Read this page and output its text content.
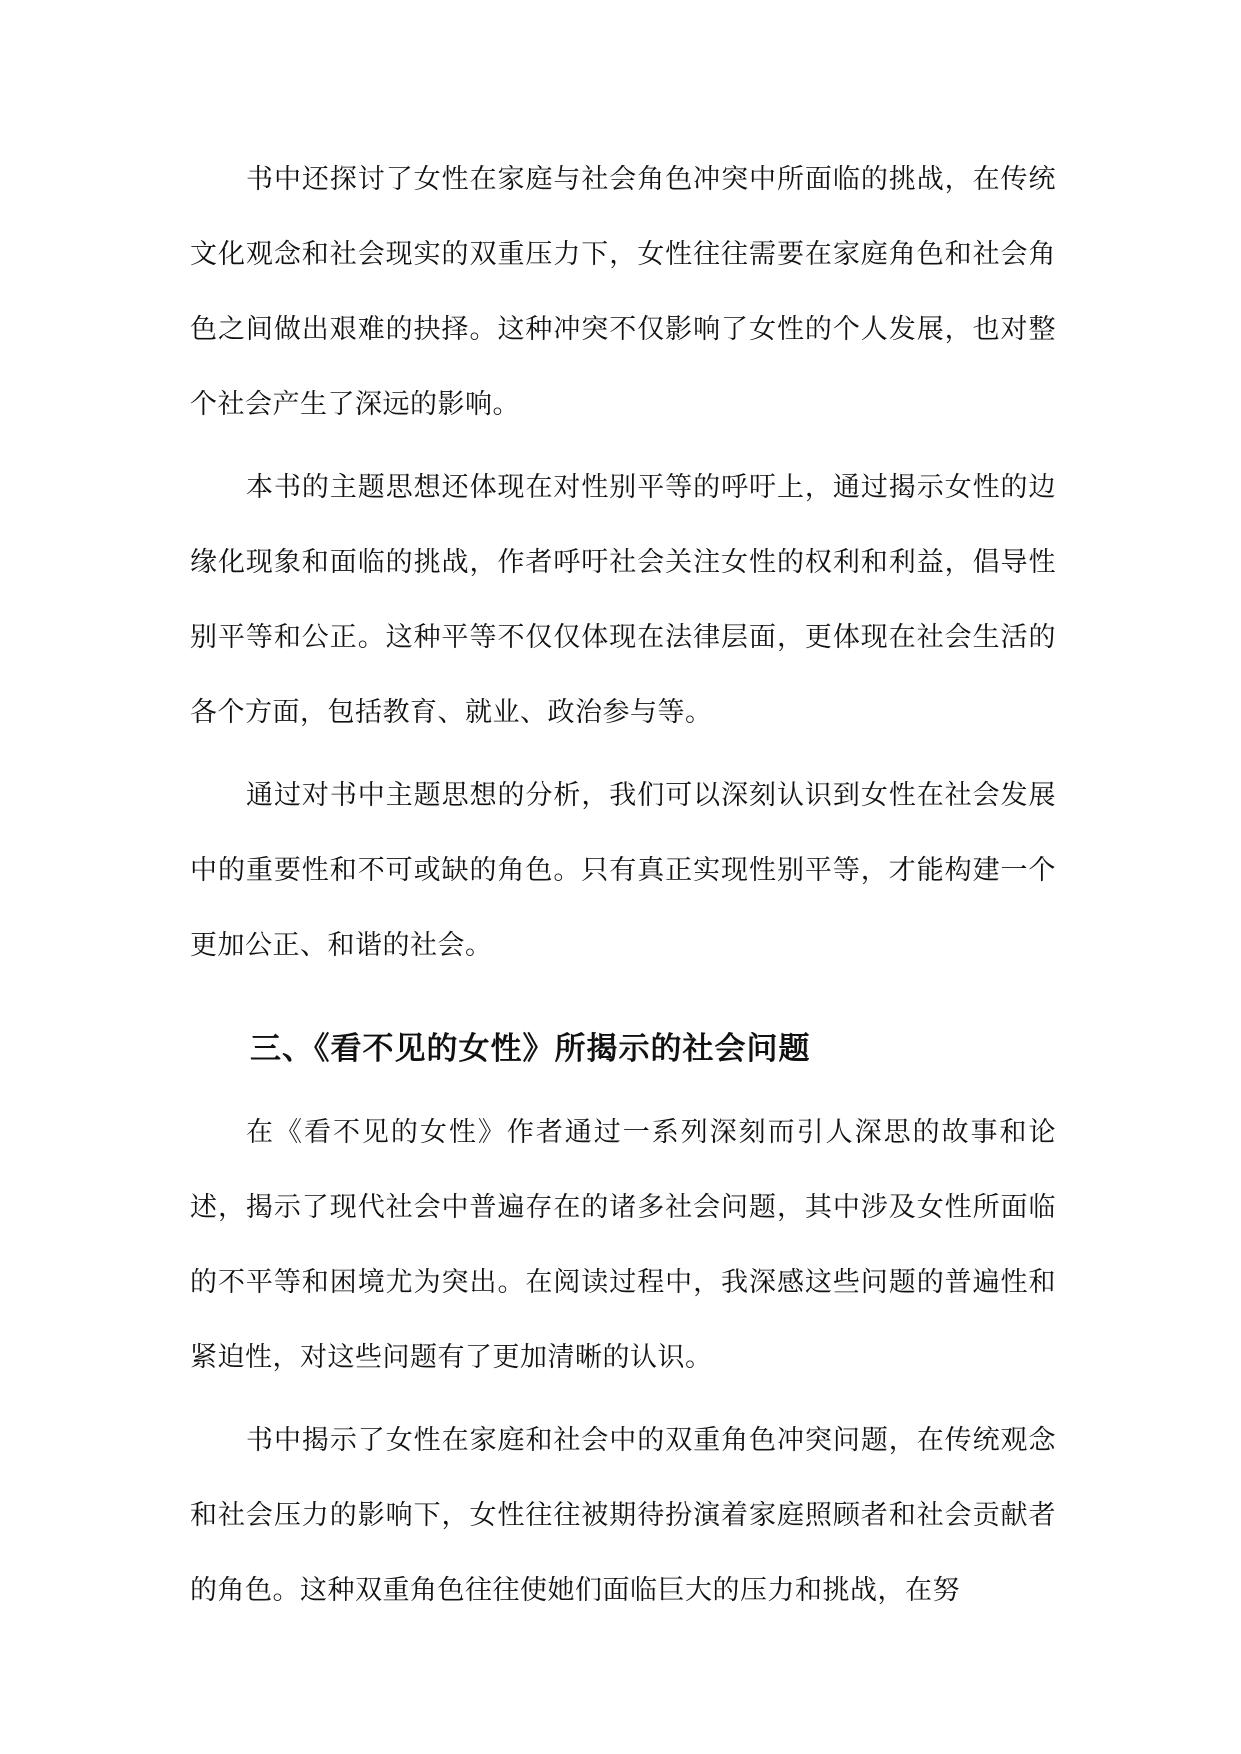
书中还探讨了女性在家庭与社会角色冲突中所面临的挑战，在传统文化观念和社会现实的双重压力下，女性往往需要在家庭角色和社会角色之间做出艰难的抉择。这种冲突不仅影响了女性的个人发展，也对整个社会产生了深远的影响。

本书的主题思想还体现在对性别平等的呼吁上，通过揭示女性的边缘化现象和面临的挑战，作者呼吁社会关注女性的权利和利益，倡导性别平等和公正。这种平等不仅仅体现在法律层面，更体现在社会生活的各个方面，包括教育、就业、政治参与等。

通过对书中主题思想的分析，我们可以深刻认识到女性在社会发展中的重要性和不可或缺的角色。只有真正实现性别平等，才能构建一个更加公正、和谐的社会。

三、《看不见的女性》所揭示的社会问题

在《看不见的女性》作者通过一系列深刻而引人深思的故事和论述，揭示了现代社会中普遍存在的诸多社会问题，其中涉及女性所面临的不平等和困境尤为突出。在阅读过程中，我深感这些问题的普遍性和紧迫性，对这些问题有了更加清晰的认识。

书中揭示了女性在家庭和社会中的双重角色冲突问题，在传统观念和社会压力的影响下，女性往往被期待扮演着家庭照顾者和社会贡献者的角色。这种双重角色往往使她们面临巨大的压力和挑战，在努
